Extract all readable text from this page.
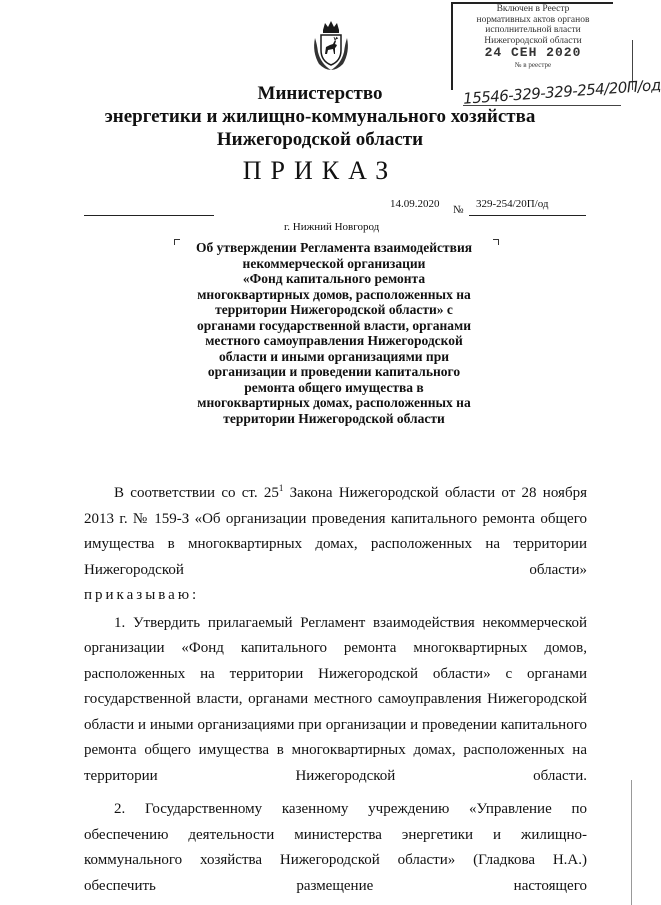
Включен в Реестр
нормативных актов органов
исполнительной власти
Нижегородской области
24 СЕН 2020
№ в реестре
15546-329-329-254/20П/од
Министерство
энергетики и жилищно-коммунального хозяйства
Нижегородской области
ПРИКАЗ
14.09.2020 № 329-254/20П/од
г. Нижний Новгород
Об утверждении Регламента взаимодействия
некоммерческой организации
«Фонд капитального ремонта
многоквартирных домов, расположенных на
территории Нижегородской области» с
органами государственной власти, органами
местного самоуправления Нижегородской
области и иными организациями при
организации и проведении капитального
ремонта общего имущества в
многоквартирных домах, расположенных на
территории Нижегородской области

В соответствии со ст. $25^1$ Закона Нижегородской области от 28 ноября 2013 г. № 159-З «Об организации проведения капитального ремонта общего имущества в многоквартирных домах, расположенных на территории Нижегородской области»

приказываю:

1. Утвердить прилагаемый Регламент взаимодействия некоммерческой организации «Фонд капитального ремонта многоквартирных домов, расположенных на территории Нижегородской области» с органами государственной власти, органами местного самоуправления Нижегородской области и иными организациями при организации и проведении капитального ремонта общего имущества в многоквартирных домах, расположенных на территории Нижегородской области.

2. Государственному казенному учреждению «Управление по обеспечению деятельности министерства энергетики и жилищно-коммунального хозяйства Нижегородской области» (Гладкова Н.А.) обеспечить размещение настоящего
